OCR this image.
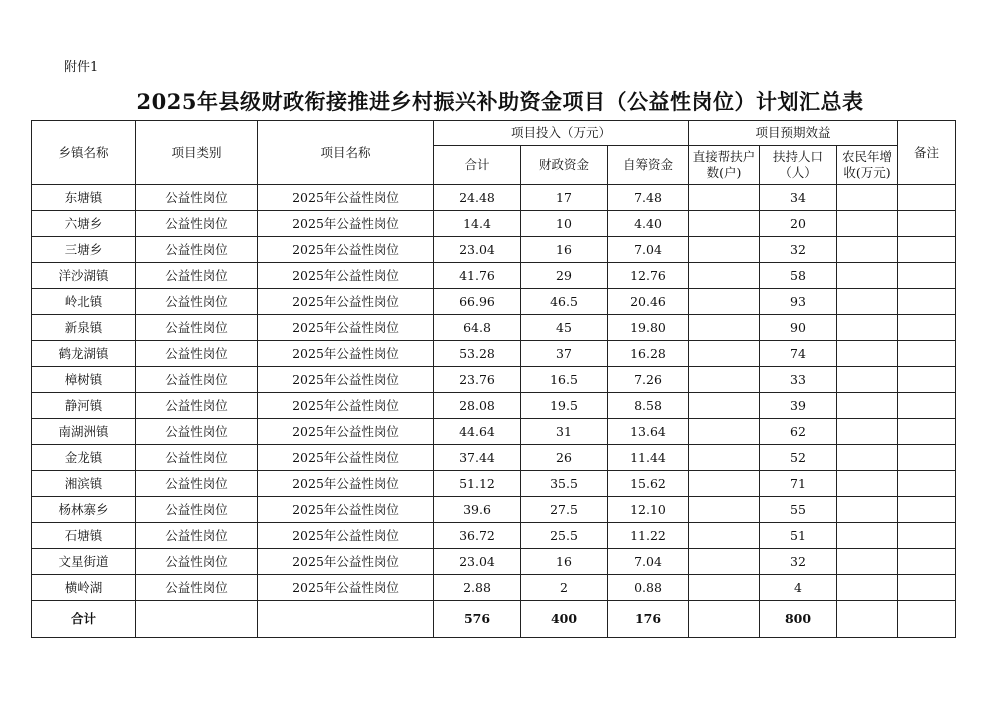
附件1
2025年县级财政衔接推进乡村振兴补助资金项目（公益性岗位）计划汇总表
乡镇名称	项目类别	项目名称	项目投入（万元）			项目预期效益			备注
			合计	财政资金	自筹资金	直接帮扶户数(户)	扶持人口（人）	农民年增收(万元)	
东塘镇	公益性岗位	2025年公益性岗位	24.48	17	7.48		34		
六塘乡	公益性岗位	2025年公益性岗位	14.4	10	4.40		20		
三塘乡	公益性岗位	2025年公益性岗位	23.04	16	7.04		32		
洋沙湖镇	公益性岗位	2025年公益性岗位	41.76	29	12.76		58		
岭北镇	公益性岗位	2025年公益性岗位	66.96	46.5	20.46		93		
新泉镇	公益性岗位	2025年公益性岗位	64.8	45	19.80		90		
鹤龙湖镇	公益性岗位	2025年公益性岗位	53.28	37	16.28		74		
樟树镇	公益性岗位	2025年公益性岗位	23.76	16.5	7.26		33		
静河镇	公益性岗位	2025年公益性岗位	28.08	19.5	8.58		39		
南湖洲镇	公益性岗位	2025年公益性岗位	44.64	31	13.64		62		
金龙镇	公益性岗位	2025年公益性岗位	37.44	26	11.44		52		
湘滨镇	公益性岗位	2025年公益性岗位	51.12	35.5	15.62		71		
杨林寨乡	公益性岗位	2025年公益性岗位	39.6	27.5	12.10		55		
石塘镇	公益性岗位	2025年公益性岗位	36.72	25.5	11.22		51		
文星街道	公益性岗位	2025年公益性岗位	23.04	16	7.04		32		
横岭湖	公益性岗位	2025年公益性岗位	2.88	2	0.88		4		
合计			576	400	176		800		
